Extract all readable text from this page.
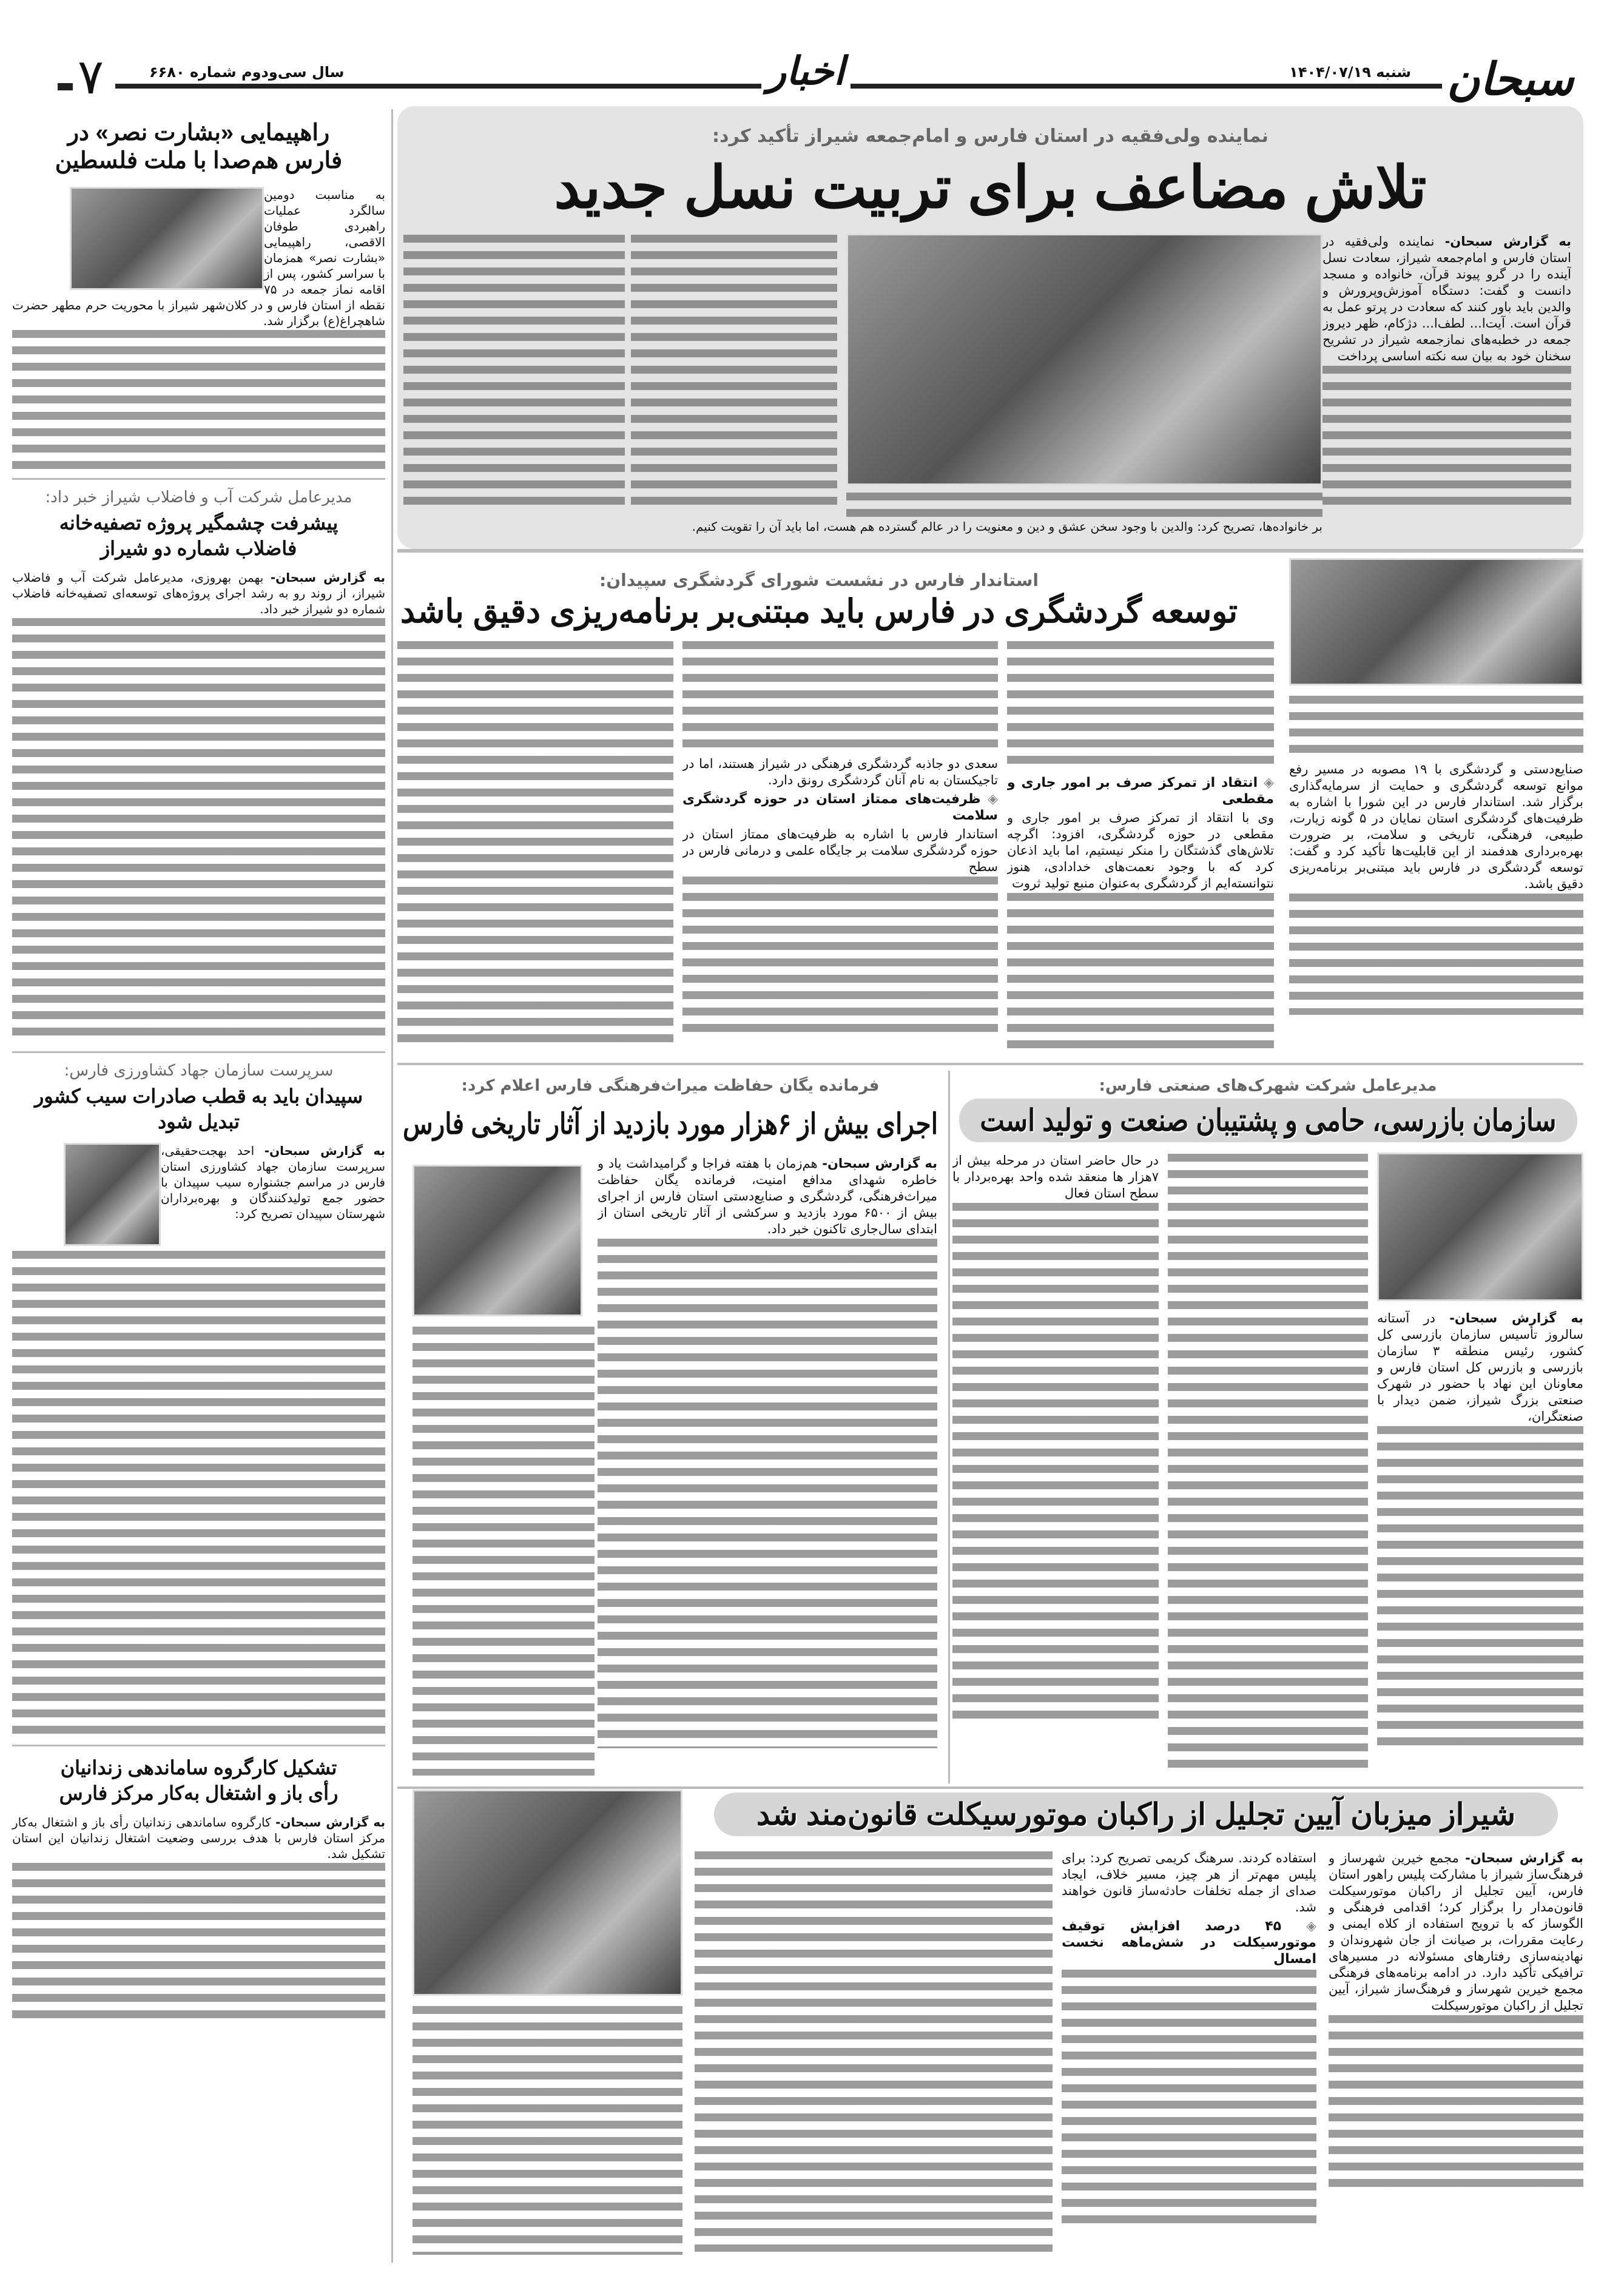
سبحان
شنبه ۱۴۰۴/۰۷/۱۹
اخبار
سال سی‌ودوم شماره ۶۶۸۰
۷
نماینده ولی‌فقیه در استان فارس و امام‌جمعه شیراز تأکید کرد:
تلاش مضاعف برای تربیت نسل جدید
به گزارش سبحان- نماینده ولی‌فقیه در استان فارس و امام‌جمعه شیراز، سعادت نسل آینده را در گرو پیوند قرآن، خانواده و مسجد دانست و گفت: دستگاه آموزش‌وپرورش و والدین باید باور کنند که سعادت در پرتو عمل به قرآن است. آیت‌ا... لطف‌ا... دژکام، ظهر دیروز جمعه در خطبه‌های نمازجمعه شیراز در تشریح سخنان خود به بیان سه نکته اساسی پرداخت
بر خانواده‌ها، تصریح کرد: والدین با وجود سخن عشق و دین و معنویت را در عالم گسترده هم هست، اما باید آن را تقویت کنیم.
استاندار فارس در نشست شورای گردشگری سپیدان:
توسعه گردشگری در فارس باید مبتنی‌بر برنامه‌ریزی دقیق باشد
صنایع‌دستی و گردشگری با ۱۹ مصوبه در مسیر رفع موانع توسعه گردشگری و حمایت از سرمایه‌گذاری برگزار شد. استاندار فارس در این شورا با اشاره به ظرفیت‌های گردشگری استان نمایان در ۵ گونه زیارت، طبیعی، فرهنگی، تاریخی و سلامت، بر ضرورت بهره‌برداری هدفمند از این قابلیت‌ها تأکید کرد و گفت: توسعه گردشگری در فارس باید مبتنی‌بر برنامه‌ریزی دقیق باشد.
◈ انتقاد از تمرکز صرف بر امور جاری و مقطعی
وی با انتقاد از تمرکز صرف بر امور جاری و مقطعی در حوزه گردشگری، افزود: اگرچه تلاش‌های گذشتگان را منکر نیستیم، اما باید اذعان کرد که با وجود نعمت‌های خدادادی، هنوز نتوانسته‌ایم از گردشگری به‌عنوان منبع تولید ثروت
سعدی دو جاذبه گردشگری فرهنگی در شیراز هستند، اما در تاجیکستان به نام آنان گردشگری رونق دارد.
◈ ظرفیت‌های ممتاز استان در حوزه گردشگری سلامت
استاندار فارس با اشاره به ظرفیت‌های ممتاز استان در حوزه گردشگری سلامت بر جایگاه علمی و درمانی فارس در سطح
مدیرعامل شرکت شهرک‌های صنعتی فارس:
سازمان بازرسی، حامی و پشتیبان صنعت و تولید است
به گزارش سبحان- در آستانه سالروز تأسیس سازمان بازرسی کل کشور، رئیس منطقه ۳ سازمان بازرسی و بازرس کل استان فارس و معاونان این نهاد با حضور در شهرک صنعتی بزرگ شیراز، ضمن دیدار با صنعتگران،
در حال حاضر استان در مرحله بیش از ۷هزار ها منعقد شده واحد بهره‌بردار با سطح استان فعال
فرمانده یگان حفاظت میراث‌فرهنگی فارس اعلام کرد:
اجرای بیش از ۶هزار مورد بازدید از آثار تاریخی فارس
به گزارش سبحان- هم‌زمان با هفته فراجا و گرامیداشت یاد و خاطره شهدای مدافع امنیت، فرمانده یگان حفاظت میراث‌فرهنگی، گردشگری و صنایع‌دستی استان فارس از اجرای بیش از ۶۵۰۰ مورد بازدید و سرکشی از آثار تاریخی استان از ابتدای سال‌جاری تاکنون خبر داد.
شیراز میزبان آیین تجلیل از راکبان موتورسیکلت قانون‌مند شد
به گزارش سبحان- مجمع خیرین شهرساز و فرهنگ‌ساز شیراز با مشارکت پلیس راهور استان فارس، آیین تجلیل از راکبان موتورسیکلت قانون‌مدار را برگزار کرد؛ اقدامی فرهنگی و الگوساز که با ترویج استفاده از کلاه ایمنی و رعایت مقررات، بر صیانت از جان شهروندان و نهادینه‌سازی رفتارهای مسئولانه در مسیرهای ترافیکی تأکید دارد. در ادامه برنامه‌های فرهنگی مجمع خیرین شهرساز و فرهنگ‌ساز شیراز، آیین تجلیل از راکبان موتورسیکلت
استفاده کردند. سرهنگ کریمی تصریح کرد: برای پلیس مهم‌تر از هر چیز، مسیر خلاف، ایجاد صدای از جمله تخلفات حادثه‌ساز قانون خواهند شد.
◈ ۴۵ درصد افزایش توقیف موتورسیکلت در شش‌ماهه نخست امسال
راهپیمایی «بشارت نصر» در فارس هم‌صدا با ملت فلسطین
به مناسبت دومین سالگرد عملیات راهبردی طوفان الاقصی، راهپیمایی «بشارت نصر» همزمان با سراسر کشور، پس از اقامه نماز جمعه در ۷۵ نقطه از استان فارس و در کلان‌شهر شیراز با محوریت حرم مطهر حضرت شاهچراغ(ع) برگزار شد.
مدیرعامل شرکت آب و فاضلاب شیراز خبر داد:
پیشرفت چشمگیر پروژه تصفیه‌خانه فاضلاب شماره دو شیراز
به گزارش سبحان- بهمن بهروزی، مدیرعامل شرکت آب و فاضلاب شیراز، از روند رو به رشد اجرای پروژه‌های توسعه‌ای تصفیه‌خانه فاضلاب شماره دو شیراز خبر داد.
سرپرست سازمان جهاد کشاورزی فارس:
سپیدان باید به قطب صادرات سیب کشور تبدیل شود
به گزارش سبحان- احد بهجت‌حقیقی، سرپرست سازمان جهاد کشاورزی استان فارس در مراسم جشنواره سیب سپیدان با حضور جمع تولیدکنندگان و بهره‌برداران شهرستان سپیدان تصریح کرد:
تشکیل کارگروه ساماندهی زندانیان رأی باز و اشتغال به‌کار مرکز فارس
به گزارش سبحان- کارگروه ساماندهی زندانیان رأی باز و اشتغال به‌کار مرکز استان فارس با هدف بررسی وضعیت اشتغال زندانیان این استان تشکیل شد.
